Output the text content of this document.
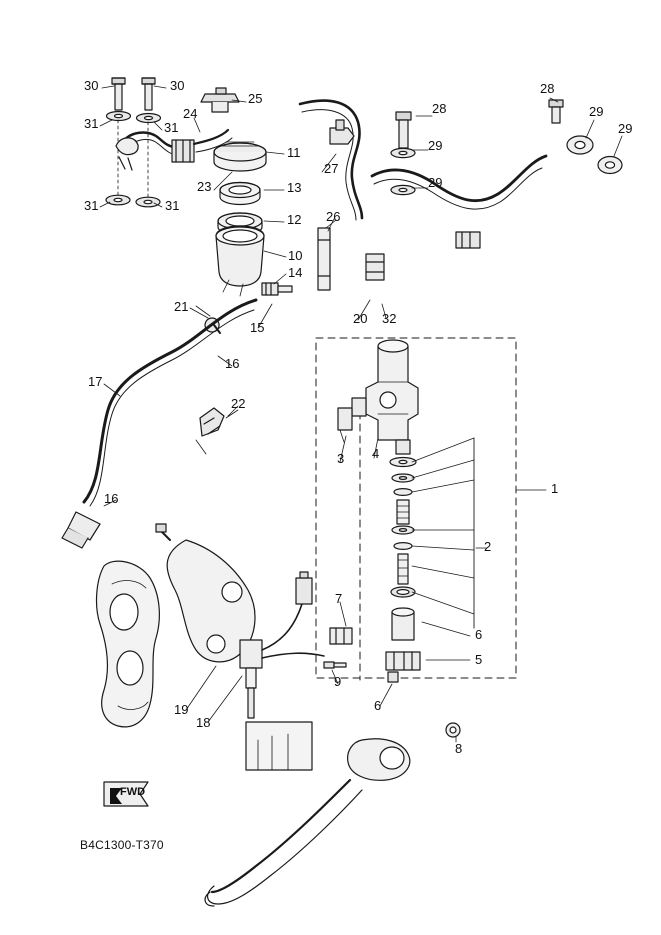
30	30
31	31
25
24	28
28
29
29
29
29
11
27
23	13
31	31
12 26
10
14
21
15
20 32
16
17
22
1
3 4
16
2
7
6
5
9
6
19
18
8
FWD
B4C1300-T370
